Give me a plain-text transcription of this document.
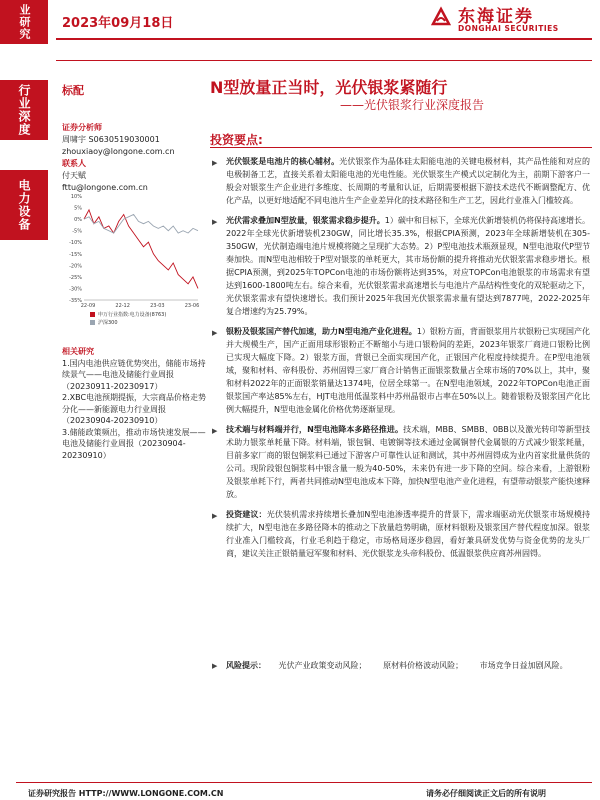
业研究
行业深度
电力设备
2023年09月18日	东海证券
DONGHAI SECURITIES
标配	N型放量正当时，光伏银浆紧随行
——光伏银浆行业深度报告
证券分析师
周啸宇 S0630519030001
zhouxiaoy@longone.com.cn
联系人
付天赋
fttu@longone.com.cn
10%
5%
0%
-5%
-10%
-15%
-20%
-25%
-30%
-35%
22-09	22-12	23-03	23-06
申万行业指数:电力设备(8763)
沪深300
相关研究
1.国内电池供应链优势突出，储能市场持续景气——电池及储能行业周报（20230911-20230917）
2.XBC电池预期提振，大宗商品价格走势分化——新能源电力行业周报（20230904-20230910）
3.储能政策频出，推动市场快速发展——电池及储能行业周报（20230904-20230910）
投资要点:
▶ 光伏银浆是电池片的核心辅材。光伏银浆作为晶体硅太阳能电池的关键电极材料，其产品性能和对应的电极制备工艺，直接关系着太阳能电池的光电性能。光伏银浆生产模式以定制化为主，前期下游客户一般会对银浆生产企业进行多维度、长周期的考量和认证，后期需要根据下游技术迭代不断调整配方、优化产品，以更好地适配不同电池片生产企业差异化的技术路径和生产工艺，因此行业准入门槛较高。
▶ 光伏需求叠加N型放量，银浆需求稳步提升。1）碳中和目标下，全球光伏新增装机仍将保持高速增长。2022年全球光伏新增装机230GW，同比增长35.3%，根据CPIA预测，2023年全球新增装机在305-350GW，光伏制造端电池片规模将随之呈现扩大态势。2）P型电池技术瓶颈显现，N型电池取代P型节奏加快。而N型电池相较于P型对银浆的单耗更大，其市场份额的提升将推动光伏银浆需求稳步增长。根据CPIA预测，到2025年TOPCon电池的市场份额将达到35%，对应TOPCon电池银浆的市场需求有望达到1600-1800吨左右。综合来看，光伏银浆需求高速增长与电池片产品结构性变化的双轮驱动之下，光伏银浆需求有望快速增长。我们预计2025年我国光伏银浆需求量有望达到7877吨，2022-2025年复合增速约为25.79%。
▶ 银粉及银浆国产替代加速，助力N型电池产业化进程。1）银粉方面，背面银浆用片状银粉已实现国产化并大规模生产，国产正面用球形银粉正不断缩小与进口银粉间的差距，2023年银浆厂商进口银粉比例已实现大幅度下降。2）银浆方面，背银已全面实现国产化，正银国产化程度持续提升。在P型电池领域，聚和材料、帝科股份、苏州固锝三家厂商合计销售正面银浆数量占全球市场的70%以上，其中，聚和材料2022年的正面银浆销量达1374吨，位居全球第一。在N型电池领域，2022年TOPCon电池正面银浆国产率达85%左右，HJT电池用低温浆料中苏州晶银市占率在50%以上。随着银粉及银浆国产化比例大幅提升，N型电池金属化价格优势逐渐显现。
▶ 技术端与材料端并行，N型电池降本多路径推进。技术端，MBB、SMBB、0BB以及激光转印等新型技术助力银浆单耗量下降。材料端，银包铜、电镀铜等技术通过金属铜替代金属银的方式减少银浆耗量，目前多家厂商的银包铜浆料已通过下游客户可靠性认证和测试，其中苏州固锝成为业内首家批量供货的公司。现阶段银包铜浆料中银含量一般为40-50%，未来仍有进一步下降的空间。综合来看，上游银粉及银浆单耗下行，两者共同推动N型电池成本下降，加快N型电池产业化进程，有望带动银浆产能快速释放。
▶ 投资建议：光伏装机需求持续增长叠加N型电池渗透率提升的背景下，需求端驱动光伏银浆市场规模持续扩大，N型电池在多路径降本的推动之下放量趋势明确，原材料银粉及银浆国产替代程度加深。银浆行业准入门槛较高，行业毛利趋于稳定，市场格局逐步稳固，看好兼具研发优势与资金优势的龙头厂商，建议关注正银销量冠军聚和材料、光伏银浆龙头帝科股份、低温银浆供应商苏州固锝。
▶ 风险提示： 光伏产业政策变动风险； 原材料价格波动风险； 市场竞争日益加剧风险。
证券研究报告 HTTP://WWW.LONGONE.COM.CN	请务必仔细阅读正文后的所有说明
